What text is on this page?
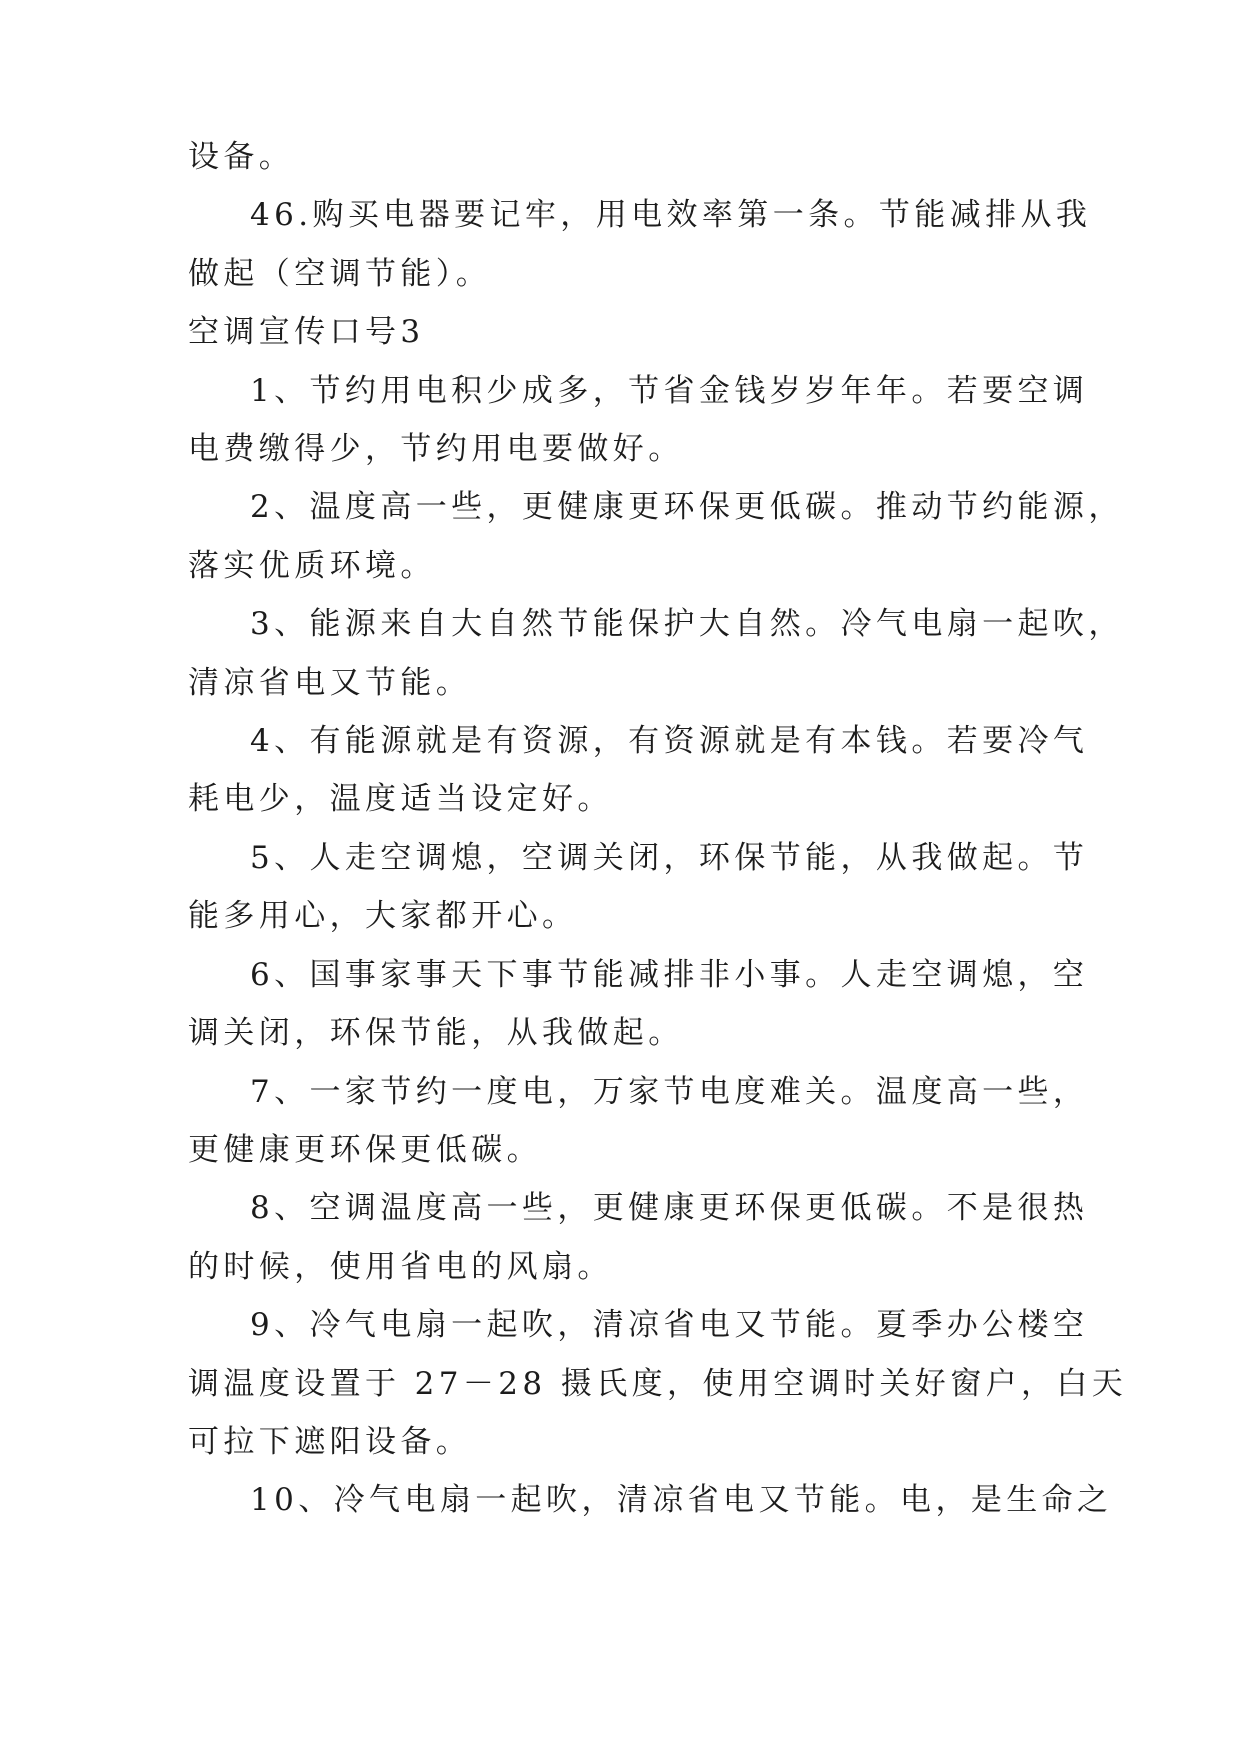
设备。

46.购买电器要记牢，用电效率第一条。节能减排从我

做起（空调节能）。

空调宣传口号3

1、节约用电积少成多，节省金钱岁岁年年。若要空调

电费缴得少，节约用电要做好。

2、温度高一些，更健康更环保更低碳。推动节约能源，

落实优质环境。

3、能源来自大自然节能保护大自然。冷气电扇一起吹，

清凉省电又节能。

4、有能源就是有资源，有资源就是有本钱。若要冷气

耗电少，温度适当设定好。

5、人走空调熄，空调关闭，环保节能，从我做起。节

能多用心，大家都开心。

6、国事家事天下事节能减排非小事。人走空调熄，空

调关闭，环保节能，从我做起。

7、一家节约一度电，万家节电度难关。温度高一些，

更健康更环保更低碳。

8、空调温度高一些，更健康更环保更低碳。不是很热

的时候，使用省电的风扇。

9、冷气电扇一起吹，清凉省电又节能。夏季办公楼空

调温度设置于 27－28 摄氏度，使用空调时关好窗户，白天

可拉下遮阳设备。

10、冷气电扇一起吹，清凉省电又节能。电，是生命之
